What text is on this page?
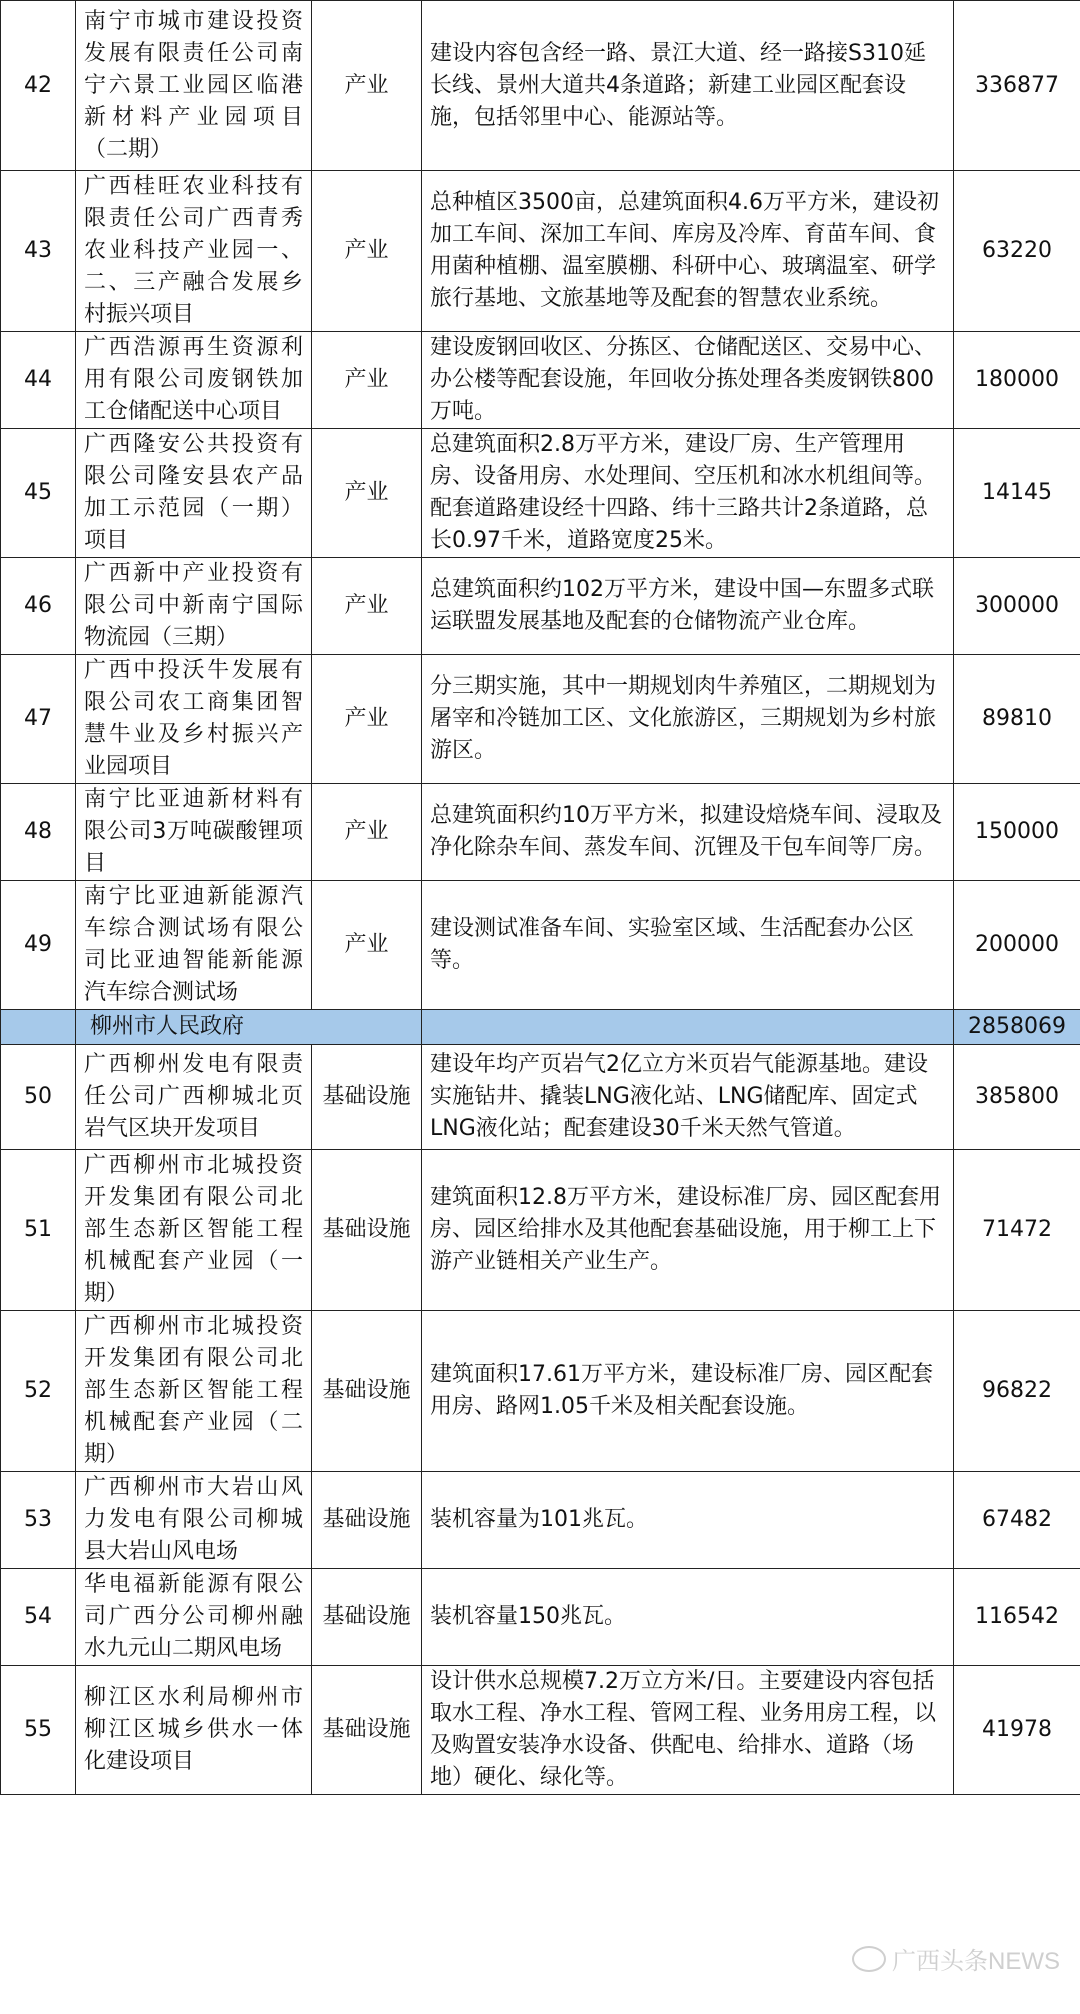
42	南宁市城市建设投资发展有限责任公司南宁六景工业园区临港新材料产业园项目（二期）	产业	建设内容包含经一路、景江大道、经一路接S310延长线、景州大道共4条道路；新建工业园区配套设施，包括邻里中心、能源站等。	336877
43	广西桂旺农业科技有限责任公司广西青秀农业科技产业园一、二、三产融合发展乡村振兴项目	产业	总种植区3500亩，总建筑面积4.6万平方米，建设初加工车间、深加工车间、库房及冷库、育苗车间、食用菌种植棚、温室膜棚、科研中心、玻璃温室、研学旅行基地、文旅基地等及配套的智慧农业系统。	63220
44	广西浩源再生资源利用有限公司废钢铁加工仓储配送中心项目	产业	建设废钢回收区、分拣区、仓储配送区、交易中心、办公楼等配套设施，年回收分拣处理各类废钢铁800万吨。	180000
45	广西隆安公共投资有限公司隆安县农产品加工示范园（一期）项目	产业	总建筑面积2.8万平方米，建设厂房、生产管理用房、设备用房、水处理间、空压机和冰水机组间等。配套道路建设经十四路、纬十三路共计2条道路，总长0.97千米，道路宽度25米。	14145
46	广西新中产业投资有限公司中新南宁国际物流园（三期）	产业	总建筑面积约102万平方米，建设中国—东盟多式联运联盟发展基地及配套的仓储物流产业仓库。	300000
47	广西中投沃牛发展有限公司农工商集团智慧牛业及乡村振兴产业园项目	产业	分三期实施，其中一期规划肉牛养殖区，二期规划为屠宰和冷链加工区、文化旅游区，三期规划为乡村旅游区。	89810
48	南宁比亚迪新材料有限公司3万吨碳酸锂项目	产业	总建筑面积约10万平方米，拟建设焙烧车间、浸取及净化除杂车间、蒸发车间、沉锂及干包车间等厂房。	150000
49	南宁比亚迪新能源汽车综合测试场有限公司比亚迪智能新能源汽车综合测试场	产业	建设测试准备车间、实验室区域、生活配套办公区等。	200000
	柳州市人民政府			2858069
50	广西柳州发电有限责任公司广西柳城北页岩气区块开发项目	基础设施	建设年均产页岩气2亿立方米页岩气能源基地。建设实施钻井、撬装LNG液化站、LNG储配库、固定式LNG液化站；配套建设30千米天然气管道。	385800
51	广西柳州市北城投资开发集团有限公司北部生态新区智能工程机械配套产业园（一期）	基础设施	建筑面积12.8万平方米，建设标准厂房、园区配套用房、园区给排水及其他配套基础设施，用于柳工上下游产业链相关产业生产。	71472
52	广西柳州市北城投资开发集团有限公司北部生态新区智能工程机械配套产业园（二期）	基础设施	建筑面积17.61万平方米，建设标准厂房、园区配套用房、路网1.05千米及相关配套设施。	96822
53	广西柳州市大岩山风力发电有限公司柳城县大岩山风电场	基础设施	装机容量为101兆瓦。	67482
54	华电福新能源有限公司广西分公司柳州融水九元山二期风电场	基础设施	装机容量150兆瓦。	116542
55	柳江区水利局柳州市柳江区城乡供水一体化建设项目	基础设施	设计供水总规模7.2万立方米/日。主要建设内容包括取水工程、净水工程、管网工程、业务用房工程，以及购置安装净水设备、供配电、给排水、道路（场地）硬化、绿化等。	41978
广西头条NEWS
